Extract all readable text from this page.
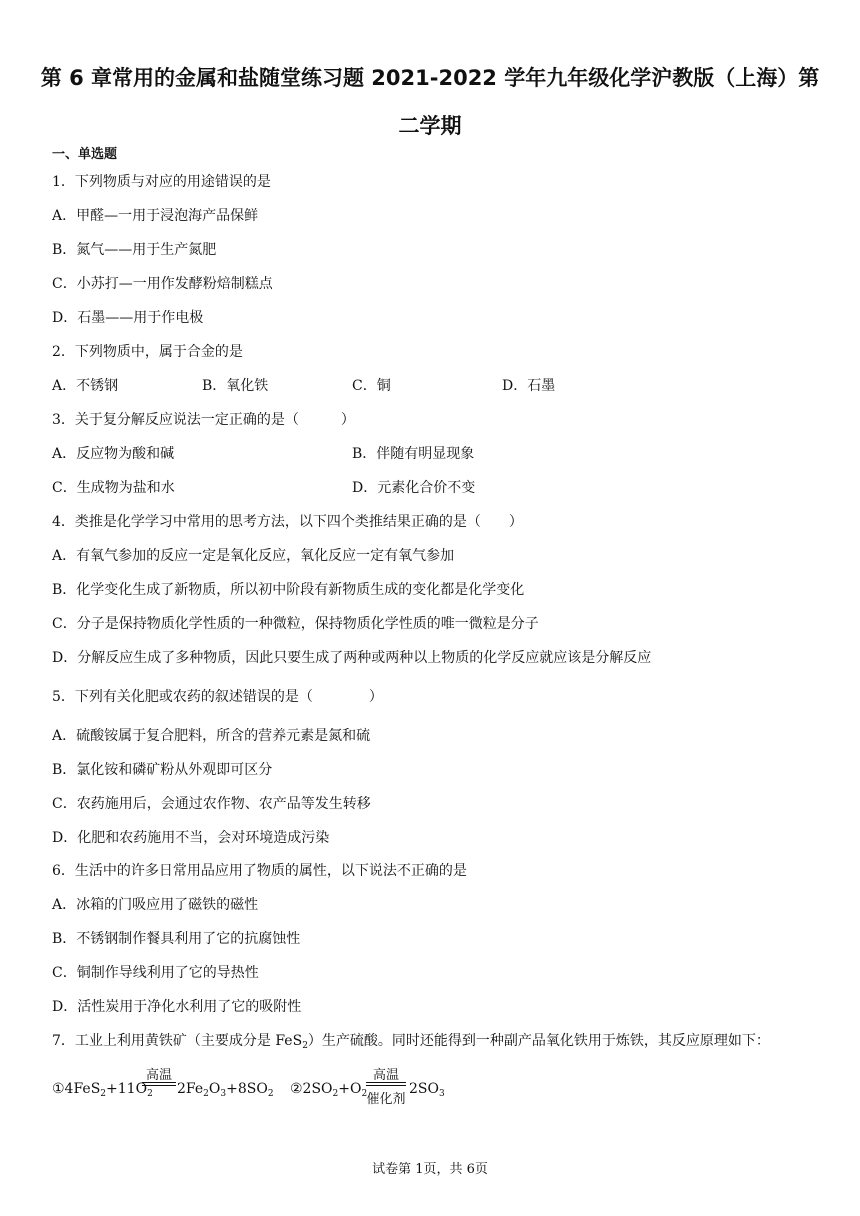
第 6 章常用的金属和盐随堂练习题 2021-2022 学年九年级化学沪教版（上海）第
二学期
一、单选题
1．下列物质与对应的用途错误的是
A．甲醛—一用于浸泡海产品保鲜
B．氮气——用于生产氮肥
C．小苏打—一用作发酵粉焙制糕点
D．石墨——用于作电极
2．下列物质中，属于合金的是
A．不锈钢	B．氧化铁	C．铜	D．石墨
3．关于复分解反应说法一定正确的是（　　　）
A．反应物为酸和碱	B．伴随有明显现象
C．生成物为盐和水	D．元素化合价不变
4．类推是化学学习中常用的思考方法，以下四个类推结果正确的是（　　）
A．有氧气参加的反应一定是氧化反应，氧化反应一定有氧气参加
B．化学变化生成了新物质，所以初中阶段有新物质生成的变化都是化学变化
C．分子是保持物质化学性质的一种微粒，保持物质化学性质的唯一微粒是分子
D．分解反应生成了多种物质，因此只要生成了两种或两种以上物质的化学反应就应该是分解反应
5．下列有关化肥或农药的叙述错误的是（　　　　）
A．硫酸铵属于复合肥料，所含的营养元素是氮和硫
B．氯化铵和磷矿粉从外观即可区分
C．农药施用后，会通过农作物、农产品等发生转移
D．化肥和农药施用不当，会对环境造成污染
6．生活中的许多日常用品应用了物质的属性，以下说法不正确的是
A．冰箱的门吸应用了磁铁的磁性
B．不锈钢制作餐具利用了它的抗腐蚀性
C．铜制作导线利用了它的导热性
D．活性炭用于净化水利用了它的吸附性
7．工业上利用黄铁矿（主要成分是 FeS$_2$）生产硫酸。同时还能得到一种副产品氧化铁用于炼铁，其反应原理如下：
$①4FeS_2+11O_2$
高温
$2Fe_2O_3+8SO_2$ $②2SO_2+O_2$
高温
催化剂
$2SO_3$
试卷第 1页，共 6页
